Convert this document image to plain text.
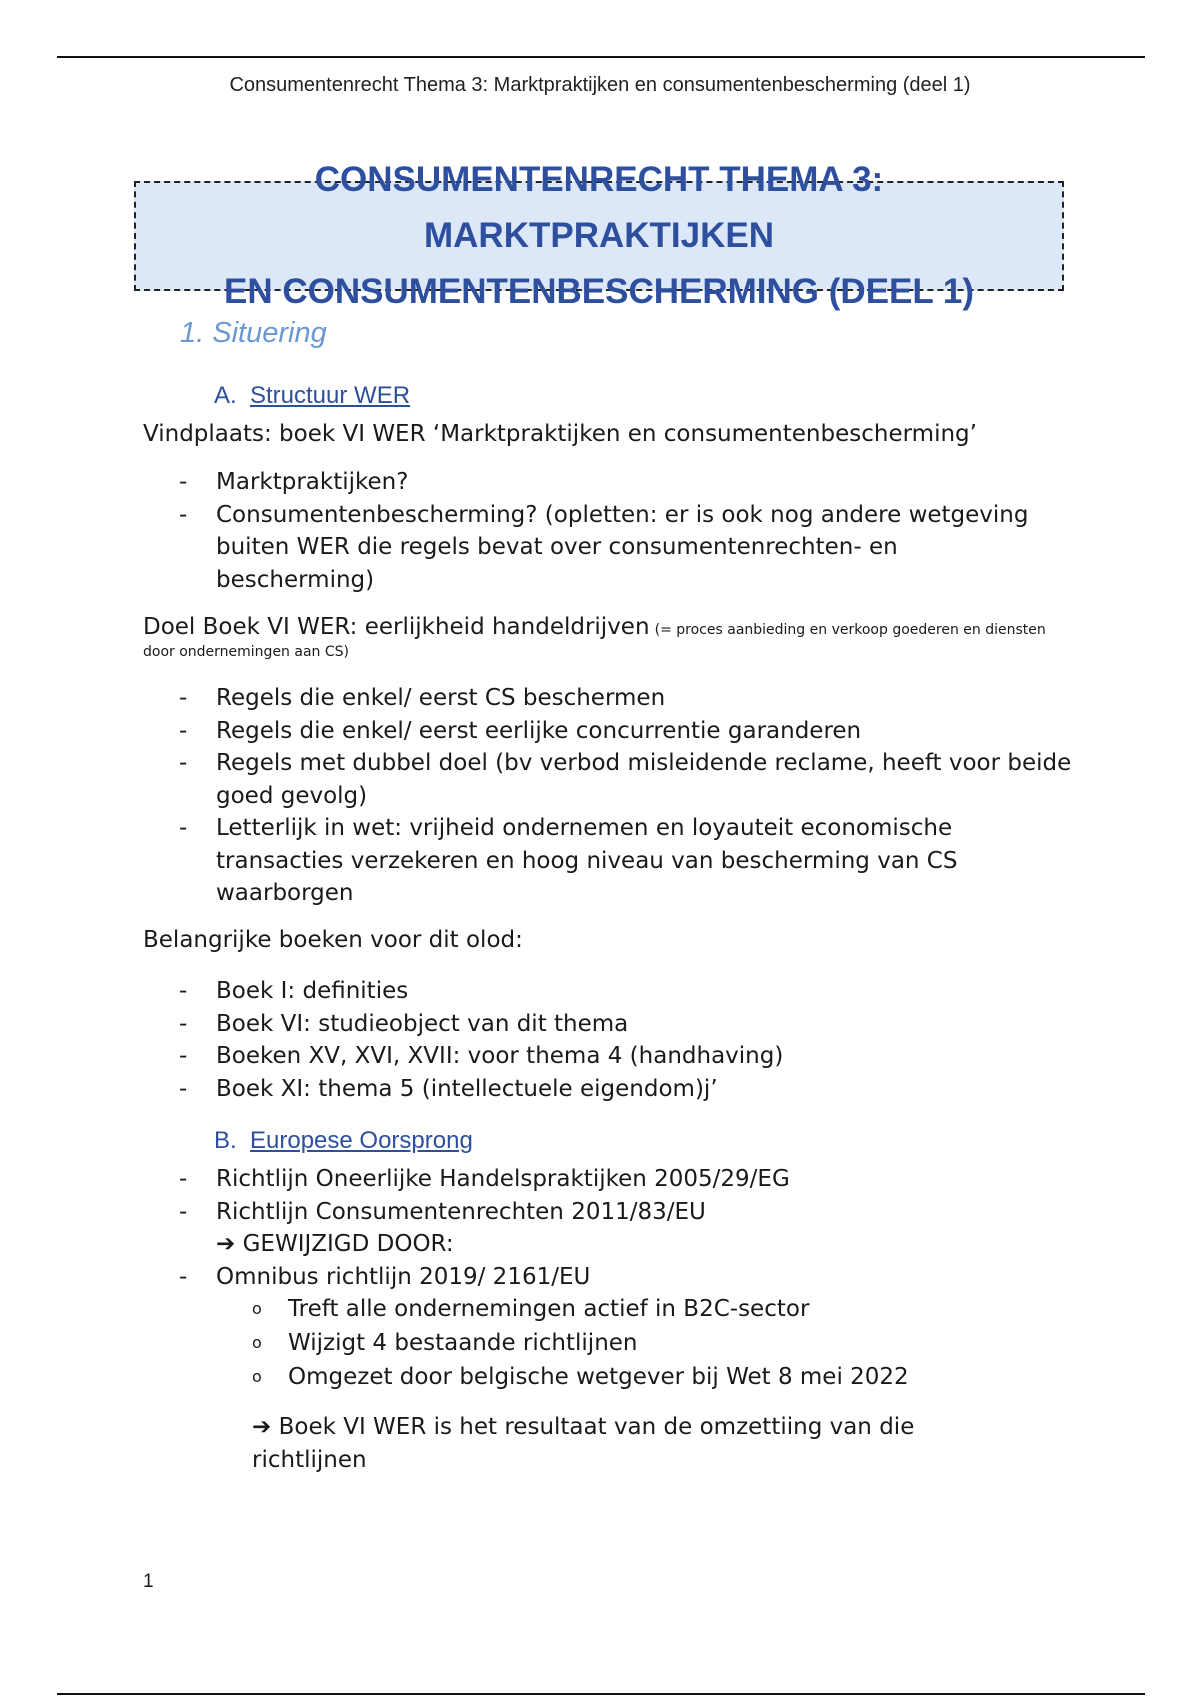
Consumentenrecht Thema 3: Marktpraktijken en consumentenbescherming (deel 1)
CONSUMENTENRECHT THEMA 3: MARKTPRAKTIJKEN
EN CONSUMENTENBESCHERMING (DEEL 1)
1. Situering
A. Structuur WER

Vindplaats: boek VI WER ‘Marktpraktijken en consumentenbescherming’

- Marktpraktijken?
- Consumentenbescherming? (opletten: er is ook nog andere wetgeving buiten WER die regels bevat over consumentenrechten- en bescherming)
Doel Boek VI WER: eerlijkheid handeldrijven (= proces aanbieding en verkoop goederen en diensten door ondernemingen aan CS)
- Regels die enkel/ eerst CS beschermen
- Regels die enkel/ eerst eerlijke concurrentie garanderen
- Regels met dubbel doel (bv verbod misleidende reclame, heeft voor beide goed gevolg)
- Letterlijk in wet: vrijheid ondernemen en loyauteit economische transacties verzekeren en hoog niveau van bescherming van CS waarborgen

Belangrijke boeken voor dit olod:

- Boek I: definities
- Boek VI: studieobject van dit thema
- Boeken XV, XVI, XVII: voor thema 4 (handhaving)
- Boek XI: thema 5 (intellectuele eigendom)j’
B. Europese Oorsprong
- Richtlijn Oneerlijke Handelspraktijken 2005/29/EG
- Richtlijn Consumentenrechten 2011/83/EU
➔ GEWIJZIGD DOOR:
- Omnibus richtlijn 2019/ 2161/EU
o Treft alle ondernemingen actief in B2C-sector
o Wijzigt 4 bestaande richtlijnen
o Omgezet door belgische wetgever bij Wet 8 mei 2022
➔ Boek VI WER is het resultaat van de omzettiing van die richtlijnen
1
